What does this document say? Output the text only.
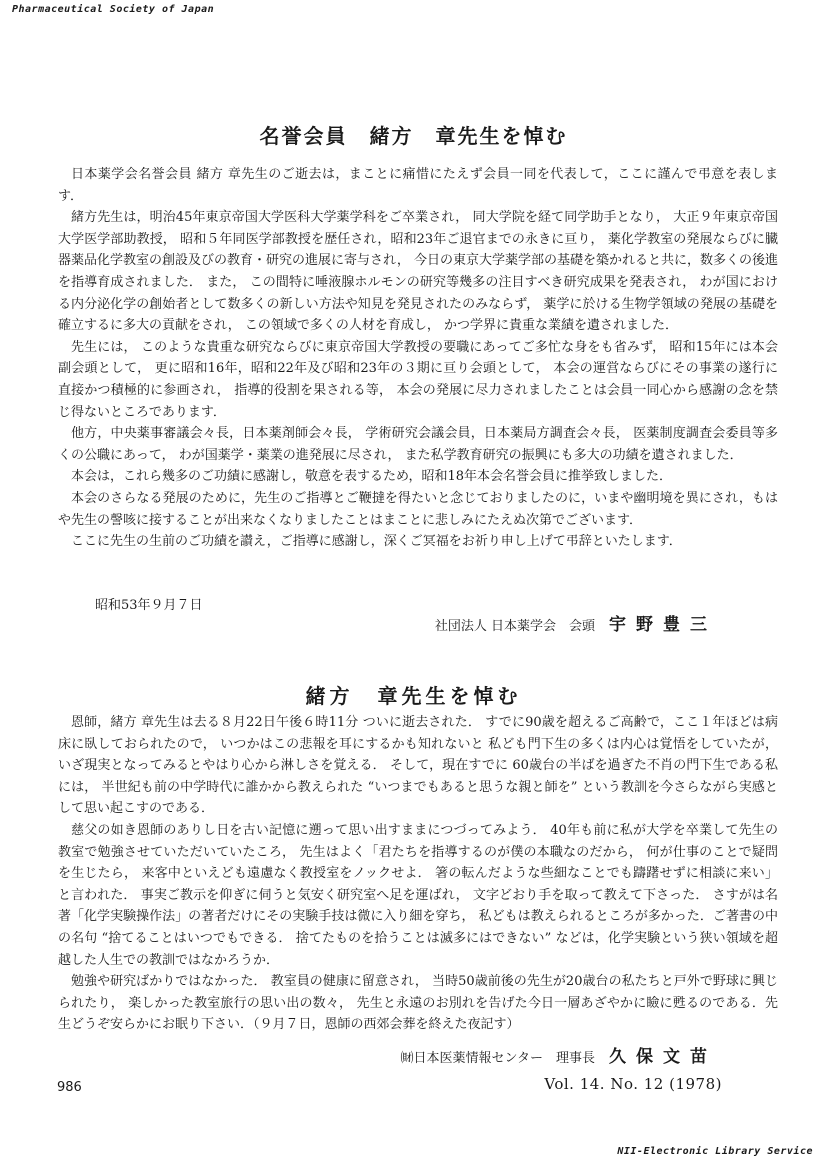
Pharmaceutical Society of Japan
名誉会員　緒方　章先生を悼む

日本薬学会名誉会員 緒方 章先生のご逝去は，まことに痛惜にたえず会員一同を代表して，ここに謹んで弔意を表します．

緒方先生は，明治45年東京帝国大学医科大学薬学科をご卒業され， 同大学院を経て同学助手となり， 大正９年東京帝国大学医学部助教授， 昭和５年同医学部教授を歴任され，昭和23年ご退官までの永きに亘り， 薬化学教室の発展ならびに臓器薬品化学教室の創設及びの教育・研究の進展に寄与され， 今日の東京大学薬学部の基礎を築かれると共に，数多くの後進を指導育成されました． また， この間特に唾液腺ホルモンの研究等幾多の注目すべき研究成果を発表され， わが国における内分泌化学の創始者として数多くの新しい方法や知見を発見されたのみならず， 薬学に於ける生物学領域の発展の基礎を確立するに多大の貢献をされ， この領域で多くの人材を育成し， かつ学界に貴重な業績を遺されました．

先生には， このような貴重な研究ならびに東京帝国大学教授の要職にあってご多忙な身をも省みず， 昭和15年には本会副会頭として， 更に昭和16年，昭和22年及び昭和23年の３期に亘り会頭として， 本会の運営ならびにその事業の遂行に直接かつ積極的に参画され， 指導的役割を果される等， 本会の発展に尽力されましたことは会員一同心から感謝の念を禁じ得ないところであります．

他方，中央薬事審議会々長，日本薬剤師会々長， 学術研究会議会員，日本薬局方調査会々長， 医薬制度調査会委員等多くの公職にあって， わが国薬学・薬業の進発展に尽され， また私学教育研究の振興にも多大の功績を遺されました．

本会は，これら幾多のご功績に感謝し，敬意を表するため，昭和18年本会名誉会員に推挙致しました．

本会のさらなる発展のために，先生のご指導とご鞭撻を得たいと念じておりましたのに，いまや幽明境を異にされ，もはや先生の謦咳に接することが出来なくなりましたことはまことに悲しみにたえぬ次第でございます．

ここに先生の生前のご功績を讃え，ご指導に感謝し，深くご冥福をお祈り申し上げて弔辞といたします．

昭和53年９月７日
社団法人 日本薬学会　会頭 宇野豊三
緒方　章先生を悼む

恩師，緒方 章先生は去る８月22日午後６時11分 ついに逝去された． すでに90歳を超えるご高齢で，ここ１年ほどは病床に臥しておられたので， いつかはこの悲報を耳にするかも知れないと 私ども門下生の多くは内心は覚悟をしていたが，いざ現実となってみるとやはり心から淋しさを覚える． そして，現在すでに 60歳台の半ばを過ぎた不肖の門下生である私には， 半世紀も前の中学時代に誰かから教えられた “いつまでもあると思うな親と師を” という教訓を今さらながら実感として思い起こすのである．

慈父の如き恩師のありし日を古い記憶に遡って思い出すままにつづってみよう． 40年も前に私が大学を卒業して先生の教室で勉強させていただいていたころ， 先生はよく「君たちを指導するのが僕の本職なのだから， 何が仕事のことで疑問を生じたら， 来客中といえども遠慮なく教授室をノックせよ． 箸の転んだような些細なことでも躊躇せずに相談に来い」と言われた． 事実ご教示を仰ぎに伺うと気安く研究室へ足を運ばれ， 文字どおり手を取って教えて下さった． さすがは名著「化学実験操作法」の著者だけにその実験手技は微に入り細を穿ち， 私どもは教えられるところが多かった．ご著書の中の名句 “捨てることはいつでもできる． 捨てたものを拾うことは滅多にはできない” などは，化学実験という狭い領域を超越した人生での教訓ではなかろうか．

勉強や研究ばかりではなかった． 教室員の健康に留意され， 当時50歳前後の先生が20歳台の私たちと戸外で野球に興じられたり， 楽しかった教室旅行の思い出の数々， 先生と永遠のお別れを告げた今日一層あざやかに瞼に甦るのである．先生どうぞ安らかにお眠り下さい．（９月７日，恩師の西郊会葬を終えた夜記す）

㈶日本医薬情報センター　理事長 久保文苗
986	Vol. 14. No. 12 (1978)
NII-Electronic Library Service
